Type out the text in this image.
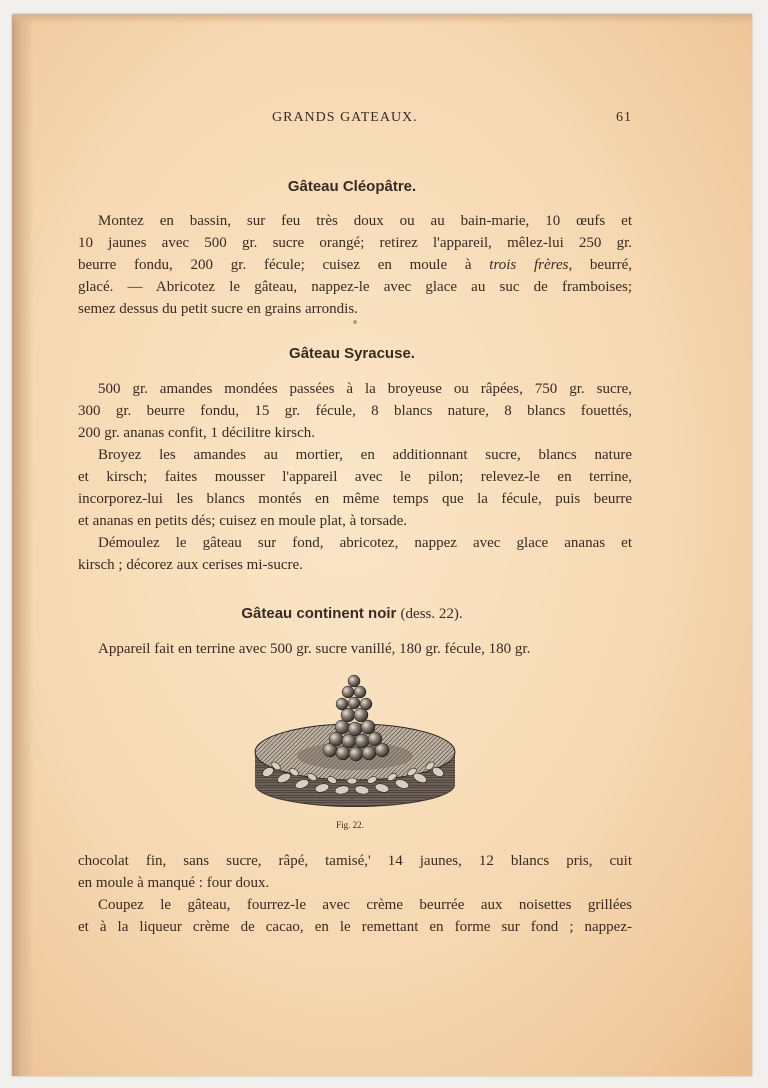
GRANDS GATEAUX.	61
Gâteau Cléopâtre.
Montez en bassin, sur feu très doux ou au bain-marie, 10 œufs et
10 jaunes avec 500 gr. sucre orangé; retirez l'appareil, mêlez-lui 250 gr.
beurre fondu, 200 gr. fécule; cuisez en moule à trois frères, beurré,
glacé. — Abricotez le gâteau, nappez-le avec glace au suc de framboises;
semez dessus du petit sucre en grains arrondis.
Gâteau Syracuse.
500 gr. amandes mondées passées à la broyeuse ou râpées, 750 gr. sucre,
300 gr. beurre fondu, 15 gr. fécule, 8 blancs nature, 8 blancs fouettés,
200 gr. ananas confit, 1 décilitre kirsch.
Broyez les amandes au mortier, en additionnant sucre, blancs nature
et kirsch; faites mousser l'appareil avec le pilon; relevez-le en terrine,
incorporez-lui les blancs montés en même temps que la fécule, puis beurre
et ananas en petits dés; cuisez en moule plat, à torsade.
Démoulez le gâteau sur fond, abricotez, nappez avec glace ananas et
kirsch ; décorez aux cerises mi-sucre.
Gâteau continent noir (dess. 22).
Appareil fait en terrine avec 500 gr. sucre vanillé, 180 gr. fécule, 180 gr.
Fig. 22.
chocolat fin, sans sucre, râpé, tamisé,' 14 jaunes, 12 blancs pris, cuit
en moule à manqué : four doux.
Coupez le gâteau, fourrez-le avec crème beurrée aux noisettes grillées
et à la liqueur crème de cacao, en le remettant en forme sur fond ; nappez-
